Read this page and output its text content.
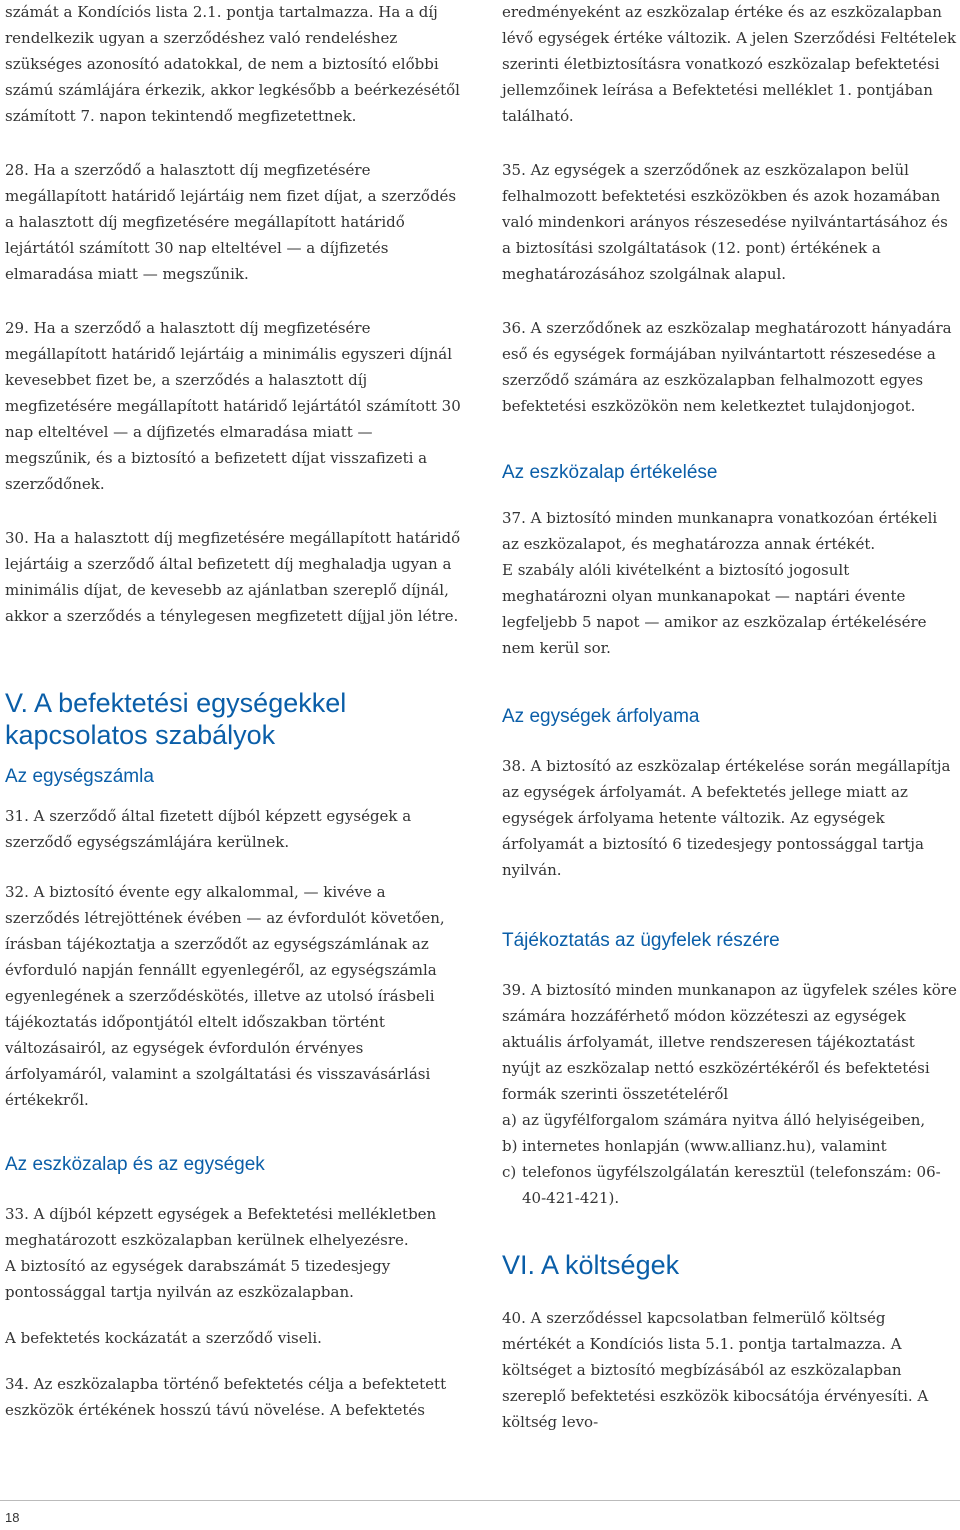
számát a Kondíciós lista 2.1. pontja tartalmazza. Ha a díj rendelkezik ugyan a szerződéshez való rendeléshez szükséges azonosító adatokkal, de nem a biztosító előbbi számú számlájára érkezik, akkor legkésőbb a beérkezésétől számított 7. napon tekintendő megfizetettnek.

28. Ha a szerződő a halasztott díj megfizetésére megállapított határidő lejártáig nem fizet díjat, a szerződés a halasztott díj megfizetésére megállapított határidő lejártától számított 30 nap elteltével — a díjfizetés elmaradása miatt — megszűnik.

29. Ha a szerződő a halasztott díj megfizetésére megállapított határidő lejártáig a minimális egyszeri díjnál kevesebbet fizet be, a szerződés a halasztott díj megfizetésére megállapított határidő lejártától számított 30 nap elteltével — a díjfizetés elmaradása miatt — megszűnik, és a biztosító a befizetett díjat visszafizeti a szerződőnek.

30. Ha a halasztott díj megfizetésére megállapított határidő lejártáig a szerződő által befizetett díj meghaladja ugyan a minimális díjat, de kevesebb az ajánlatban szereplő díjnál, akkor a szerződés a ténylegesen megfizetett díjjal jön létre.

V. A befektetési egységekkel kapcsolatos szabályok
Az egységszámla

31. A szerződő által fizetett díjból képzett egységek a szerződő egységszámlájára kerülnek.

32. A biztosító évente egy alkalommal, — kivéve a szerződés létrejöttének évében — az évfordulót követően, írásban tájékoztatja a szerződőt az egységszámlának az évforduló napján fennállt egyenlegéről, az egységszámla egyenlegének a szerződéskötés, illetve az utolsó írásbeli tájékoztatás időpontjától eltelt időszakban történt változásairól, az egységek évfordulón érvényes árfolyamáról, valamint a szolgáltatási és visszavásárlási értékekről.

Az eszközalap és az egységek

33. A díjból képzett egységek a Befektetési mellékletben meghatározott eszközalapban kerülnek elhelyezésre.

A biztosító az egységek darabszámát 5 tizedesjegy pontossággal tartja nyilván az eszközalapban.

A befektetés kockázatát a szerződő viseli.

34. Az eszközalapba történő befektetés célja a befektetett eszközök értékének hosszú távú növelése. A befektetés

eredményeként az eszközalap értéke és az eszközalapban lévő egységek értéke változik. A jelen Szerződési Feltételek szerinti életbiztosításra vonatkozó eszközalap befektetési jellemzőinek leírása a Befektetési melléklet 1. pontjában található.

35. Az egységek a szerződőnek az eszközalapon belül felhalmozott befektetési eszközökben és azok hozamában való mindenkori arányos részesedése nyilvántartásához és a biztosítási szolgáltatások (12. pont) értékének a meghatározásához szolgálnak alapul.

36. A szerződőnek az eszközalap meghatározott hányadára eső és egységek formájában nyilvántartott részesedése a szerződő számára az eszközalapban felhalmozott egyes befektetési eszközökön nem keletkeztet tulajdonjogot.

Az eszközalap értékelése

37. A biztosító minden munkanapra vonatkozóan értékeli az eszközalapot, és meghatározza annak értékét.

E szabály alóli kivételként a biztosító jogosult meghatározni olyan munkanapokat — naptári évente legfeljebb 5 napot — amikor az eszközalap értékelésére nem kerül sor.

Az egységek árfolyama

38. A biztosító az eszközalap értékelése során megállapítja az egységek árfolyamát. A befektetés jellege miatt az egységek árfolyama hetente változik. Az egységek árfolyamát a biztosító 6 tizedesjegy pontossággal tartja nyilván.

Tájékoztatás az ügyfelek részére

39. A biztosító minden munkanapon az ügyfelek széles köre számára hozzáférhető módon közzéteszi az egységek aktuális árfolyamát, illetve rendszeresen tájékoztatást nyújt az eszközalap nettó eszközértékéről és befektetési formák szerinti összetételéről

a) az ügyfélforgalom számára nyitva álló helyiségeiben,
b) internetes honlapján (www.allianz.hu), valamint
c) telefonos ügyfélszolgálatán keresztül (telefonszám: 06-40-421-421).
VI. A költségek

40. A szerződéssel kapcsolatban felmerülő költség mértékét a Kondíciós lista 5.1. pontja tartalmazza. A költséget a biztosító megbízásából az eszközalapban szereplő befektetési eszközök kibocsátója érvényesíti. A költség levo-

18
